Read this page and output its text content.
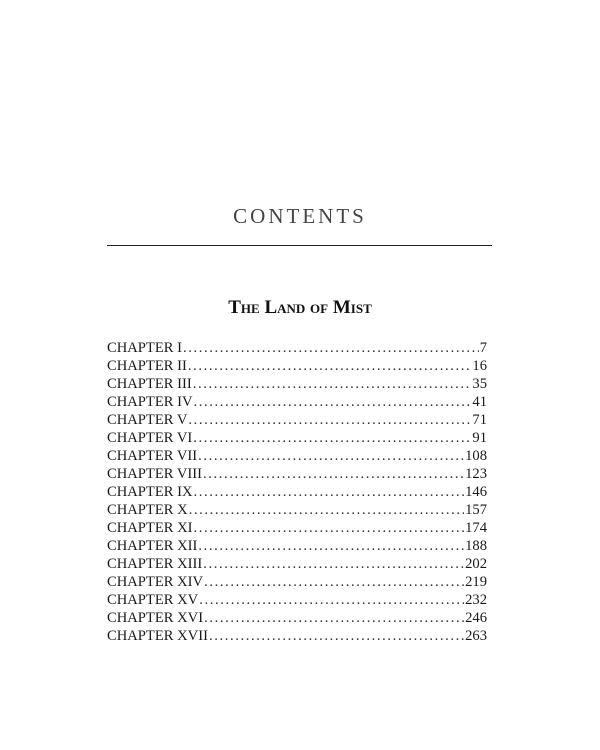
CONTENTS
The Land of Mist
CHAPTER I .....	7
CHAPTER II .....	16
CHAPTER III .....	35
CHAPTER IV .....	41
CHAPTER V .....	71
CHAPTER VI .....	91
CHAPTER VII .....	108
CHAPTER VIII .....	123
CHAPTER IX .....	146
CHAPTER X .....	157
CHAPTER XI .....	174
CHAPTER XII .....	188
CHAPTER XIII .....	202
CHAPTER XIV .....	219
CHAPTER XV .....	232
CHAPTER XVI .....	246
CHAPTER XVII .....	263
